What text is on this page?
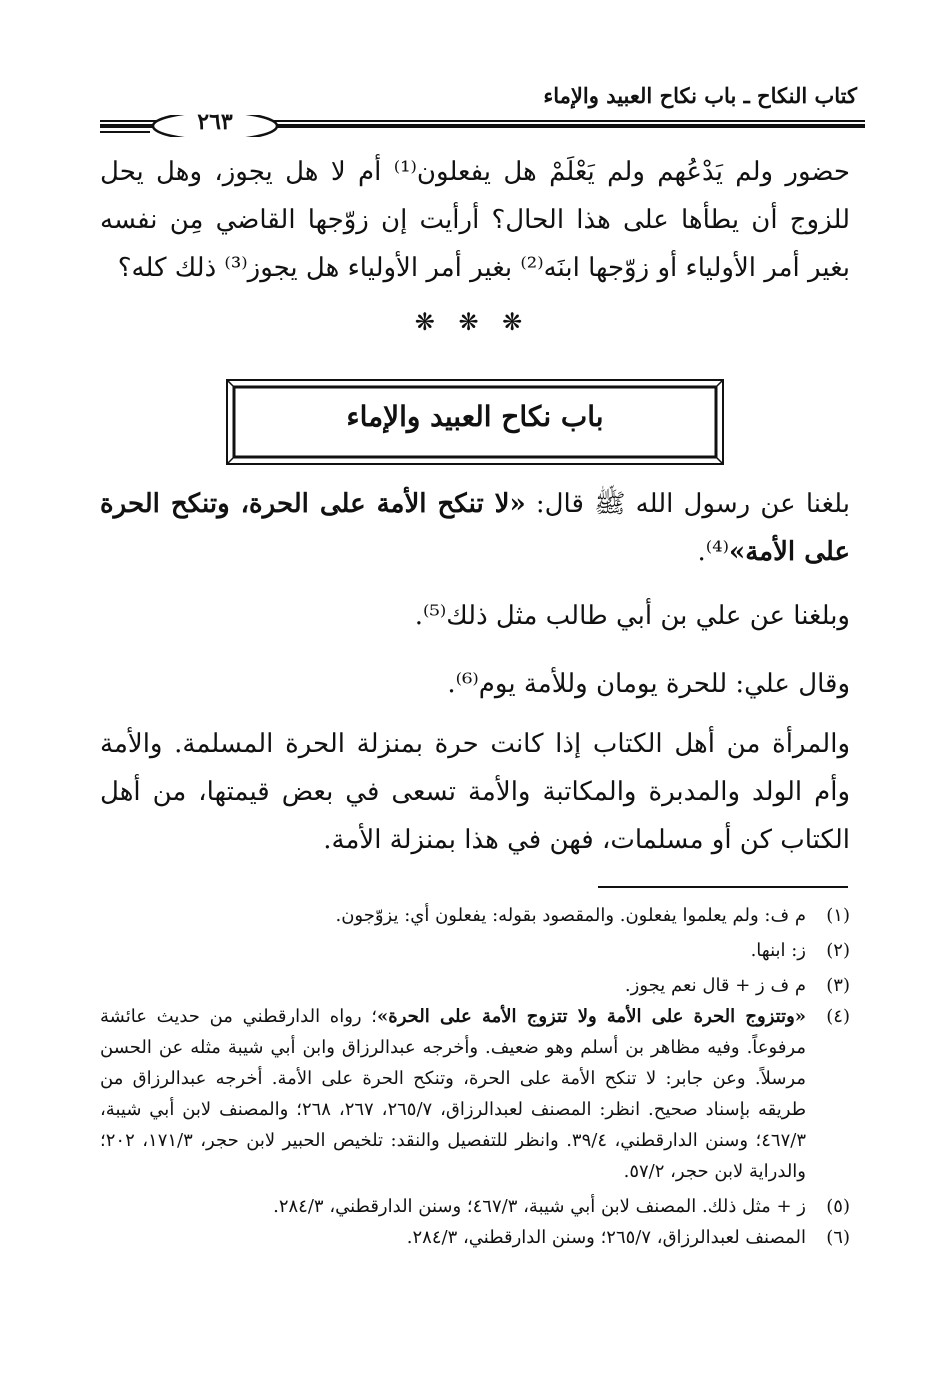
كتاب النكاح ـ باب نكاح العبيد والإماء
٢٦٣
حضور ولم يَدْعُهم ولم يَعْلَمْ هل يفعلون⁽¹⁾ أم لا هل يجوز، وهل يحل للزوج أن يطأها على هذا الحال؟ أرأيت إن زوّجها القاضي مِن نفسه بغير أمر الأولياء أو زوّجها ابنَه⁽²⁾ بغير أمر الأولياء هل يجوز⁽³⁾ ذلك كله؟
❋ ❋ ❋
باب نكاح العبيد والإماء
بلغنا عن رسول الله ﷺ قال: «لا تنكح الأمة على الحرة، وتنكح الحرة على الأمة»⁽⁴⁾.
وبلغنا عن علي بن أبي طالب مثل ذلك⁽⁵⁾.
وقال علي: للحرة يومان وللأمة يوم⁽⁶⁾.
والمرأة من أهل الكتاب إذا كانت حرة بمنزلة الحرة المسلمة. والأمة وأم الولد والمدبرة والمكاتبة والأمة تسعى في بعض قيمتها، من أهل الكتاب كن أو مسلمات، فهن في هذا بمنزلة الأمة.
(١)
م ف: ولم يعلموا يفعلون. والمقصود بقوله: يفعلون أي: يزوّجون.
(٢)
ز: ابنها.
(٣)
م ف ز + قال نعم يجوز.
(٤)
«وتتزوج الحرة على الأمة ولا تتزوج الأمة على الحرة»؛ رواه الدارقطني من حديث عائشة مرفوعاً. وفيه مظاهر بن أسلم وهو ضعيف. وأخرجه عبدالرزاق وابن أبي شيبة مثله عن الحسن مرسلاً. وعن جابر: لا تنكح الأمة على الحرة، وتنكح الحرة على الأمة. أخرجه عبدالرزاق من طريقه بإسناد صحيح. انظر: المصنف لعبدالرزاق، ٢٦٥/٧، ٢٦٧، ٢٦٨؛ والمصنف لابن أبي شيبة، ٤٦٧/٣؛ وسنن الدارقطني، ٣٩/٤. وانظر للتفصيل والنقد: تلخيص الحبير لابن حجر، ١٧١/٣، ٢٠٢؛ والدراية لابن حجر، ٥٧/٢.
(٥)
ز + مثل ذلك. المصنف لابن أبي شيبة، ٤٦٧/٣؛ وسنن الدارقطني، ٢٨٤/٣.
(٦)
المصنف لعبدالرزاق، ٢٦٥/٧؛ وسنن الدارقطني، ٢٨٤/٣.
